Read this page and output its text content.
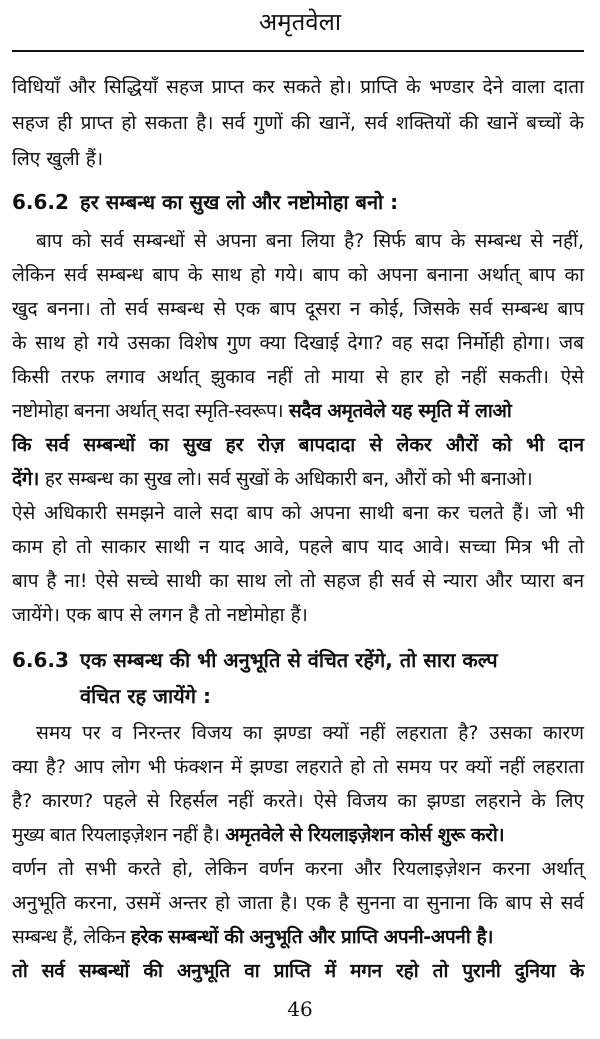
अमृतवेला
विधियाँ और सिद्धियाँ सहज प्राप्त कर सकते हो। प्राप्ति के भण्डार देने वाला दाता
सहज ही प्राप्त हो सकता है। सर्व गुणों की खानें, सर्व शक्तियों की खानें बच्चों के
लिए खुली हैं।
6.6.2 हर सम्बन्ध का सुख लो और नष्टोमोहा बनो :
बाप को सर्व सम्बन्धों से अपना बना लिया है? सिर्फ बाप के सम्बन्ध से नहीं,
लेकिन सर्व सम्बन्ध बाप के साथ हो गये। बाप को अपना बनाना अर्थात् बाप का
खुद बनना। तो सर्व सम्बन्ध से एक बाप दूसरा न कोई, जिसके सर्व सम्बन्ध बाप
के साथ हो गये उसका विशेष गुण क्या दिखाई देगा? वह सदा निर्मोही होगा। जब
किसी तरफ लगाव अर्थात् झुकाव नहीं तो माया से हार हो नहीं सकती। ऐसे
नष्टोमोहा बनना अर्थात् सदा स्मृति-स्वरूप। सदैव अमृतवेले यह स्मृति में लाओ
कि सर्व सम्बन्धों का सुख हर रोज़ बापदादा से लेकर औरों को भी दान
देंगे। हर सम्बन्ध का सुख लो। सर्व सुखों के अधिकारी बन, औरों को भी बनाओ।
ऐसे अधिकारी समझने वाले सदा बाप को अपना साथी बना कर चलते हैं। जो भी
काम हो तो साकार साथी न याद आवे, पहले बाप याद आवे। सच्चा मित्र भी तो
बाप है ना! ऐसे सच्चे साथी का साथ लो तो सहज ही सर्व से न्यारा और प्यारा बन
जायेंगे। एक बाप से लगन है तो नष्टोमोहा हैं।
6.6.3 एक सम्बन्ध की भी अनुभूति से वंचित रहेंगे, तो सारा कल्प
वंचित रह जायेंगे :
समय पर व निरन्तर विजय का झण्डा क्यों नहीं लहराता है? उसका कारण
क्या है? आप लोग भी फंक्शन में झण्डा लहराते हो तो समय पर क्यों नहीं लहराता
है? कारण? पहले से रिहर्सल नहीं करते। ऐसे विजय का झण्डा लहराने के लिए
मुख्य बात रियलाइज़ेशन नहीं है। अमृतवेले से रियलाइज़ेशन कोर्स शुरू करो।
वर्णन तो सभी करते हो, लेकिन वर्णन करना और रियलाइज़ेशन करना अर्थात्
अनुभूति करना, उसमें अन्तर हो जाता है। एक है सुनना वा सुनाना कि बाप से सर्व
सम्बन्ध हैं, लेकिन हरेक सम्बन्धों की अनुभूति और प्राप्ति अपनी-अपनी है।
तो सर्व सम्बन्धों की अनुभूति वा प्राप्ति में मगन रहो तो पुरानी दुनिया के
46
